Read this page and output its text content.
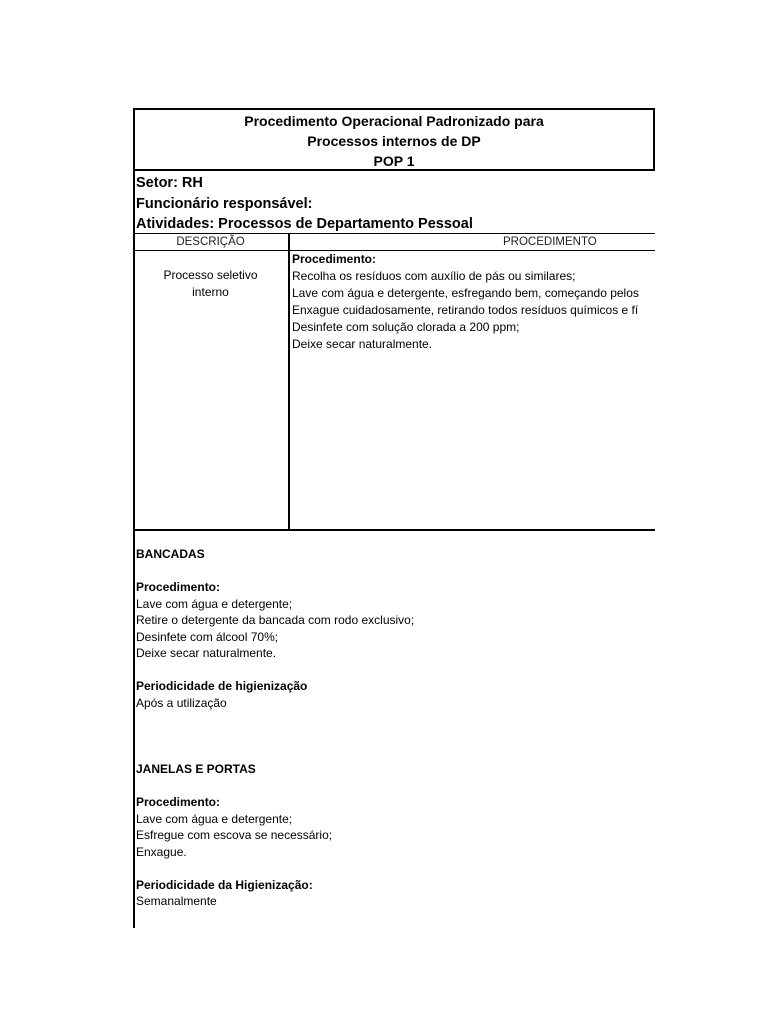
Procedimento Operacional Padronizado para
Processos internos de DP
POP 1
Setor: RH
Funcionário responsável:
Atividades: Processos de Departamento Pessoal
DESCRIÇÃO	PROCEDIMENTO
Processo seletivo
interno
Procedimento:
Recolha os resíduos com auxílio de pás ou similares;
Lave com água e detergente, esfregando bem, começando pelos
Enxague cuidadosamente, retirando todos resíduos químicos e fí
Desinfete com solução clorada a 200 ppm;
Deixe secar naturalmente.
BANCADAS
Procedimento:
Lave com água e detergente;
Retire o detergente da bancada com rodo exclusivo;
Desinfete com álcool 70%;
Deixe secar naturalmente.
Periodicidade de higienização
Após a utilização
JANELAS E PORTAS
Procedimento:
Lave com água e detergente;
Esfregue com escova se necessário;
Enxague.
Periodicidade da Higienização:
Semanalmente
